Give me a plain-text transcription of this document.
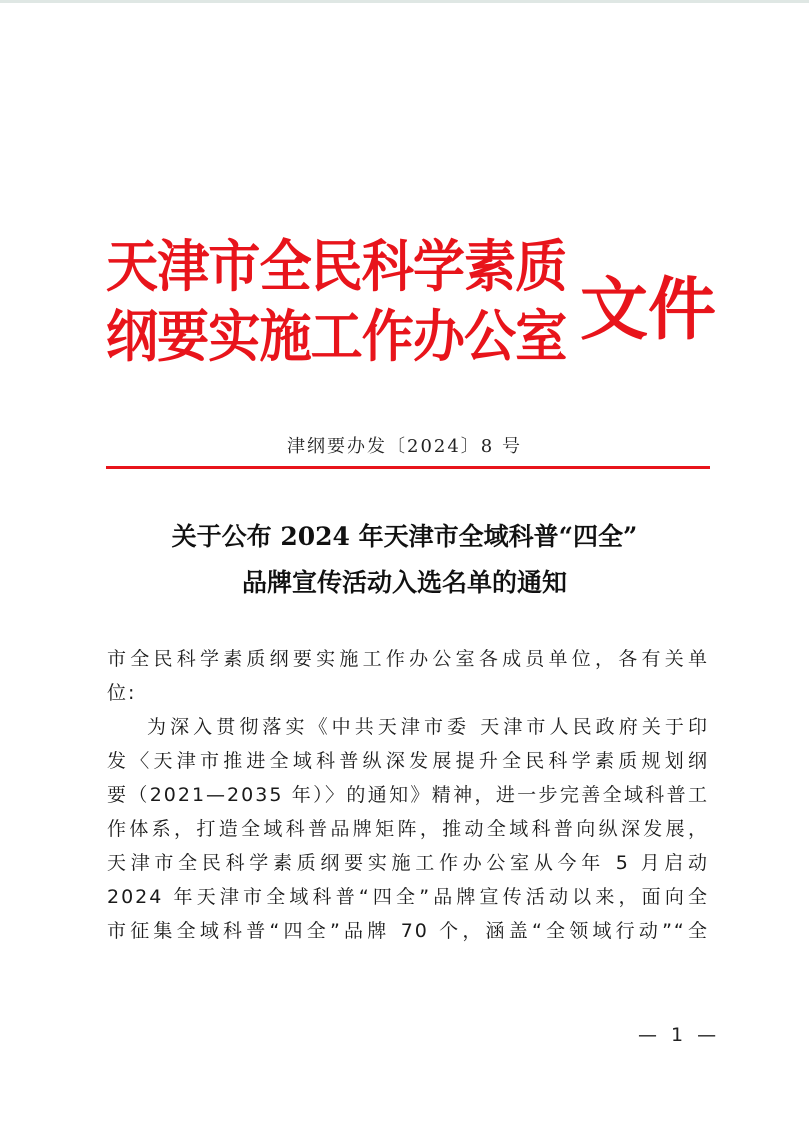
天津市全民科学素质
纲要实施工作办公室 文件
津纲要办发〔2024〕8 号
关于公布 2024 年天津市全域科普“四全”
品牌宣传活动入选名单的通知
市全民科学素质纲要实施工作办公室各成员单位，各有关单
位:
为深入贯彻落实《中共天津市委 天津市人民政府关于印
发〈天津市推进全域科普纵深发展提升全民科学素质规划纲
要（2021—2035 年）〉的通知》精神，进一步完善全域科普工
作体系，打造全域科普品牌矩阵，推动全域科普向纵深发展，
天津市全民科学素质纲要实施工作办公室从今年 5 月启动
2024 年天津市全域科普“四全”品牌宣传活动以来，面向全
市征集全域科普“四全”品牌 70 个，涵盖“全领域行动”“全
— 1 —
